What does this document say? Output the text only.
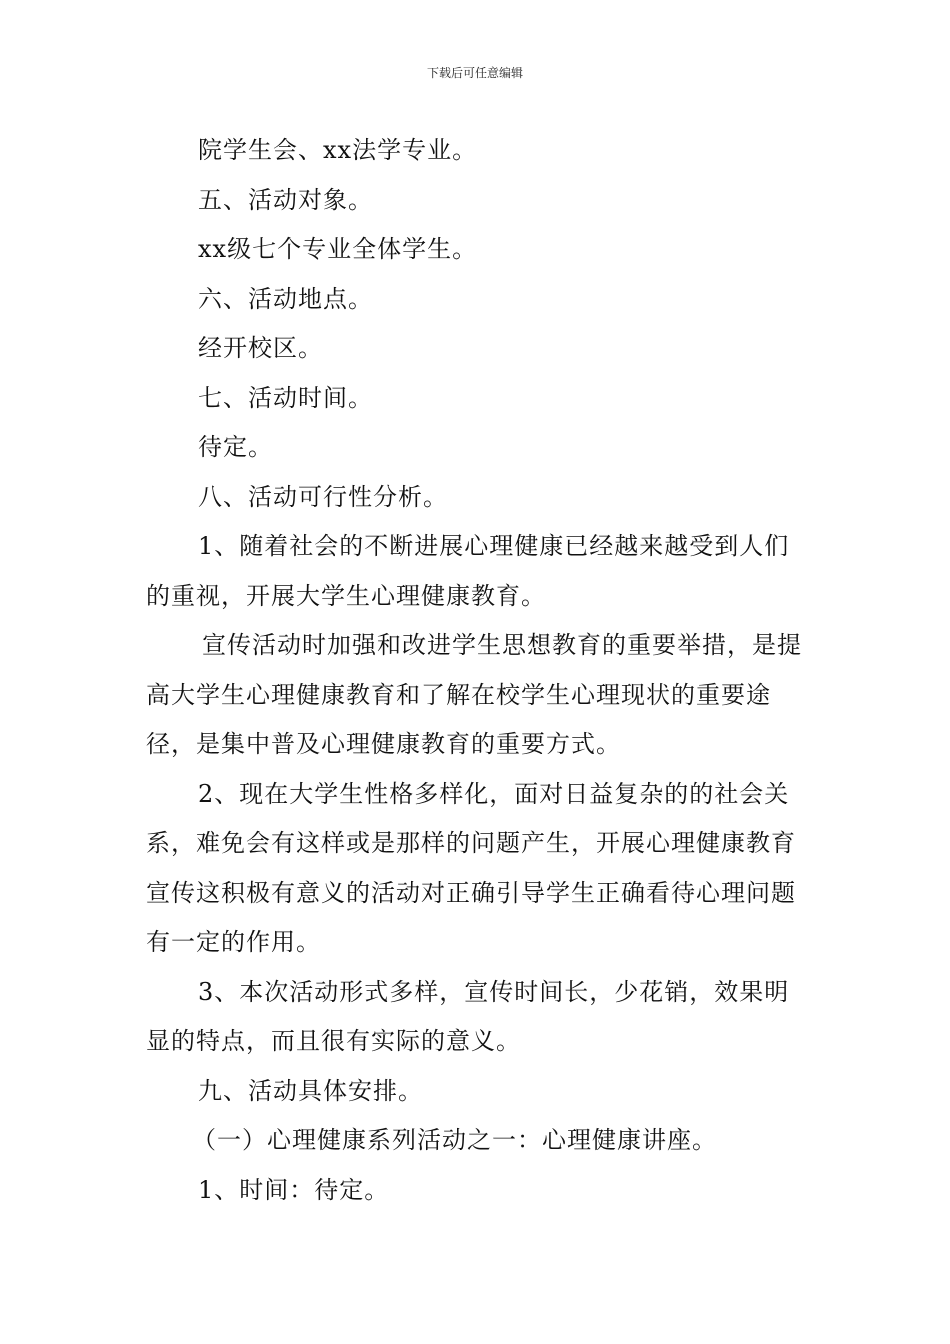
下载后可任意编辑

院学生会、xx法学专业。

五、活动对象。

xx级七个专业全体学生。

六、活动地点。

经开校区。

七、活动时间。

待定。

八、活动可行性分析。

1、随着社会的不断进展心理健康已经越来越受到人们的重视，开展大学生心理健康教育。

宣传活动时加强和改进学生思想教育的重要举措，是提高大学生心理健康教育和了解在校学生心理现状的重要途径，是集中普及心理健康教育的重要方式。

2、现在大学生性格多样化，面对日益复杂的的社会关系，难免会有这样或是那样的问题产生，开展心理健康教育宣传这积极有意义的活动对正确引导学生正确看待心理问题有一定的作用。

3、本次活动形式多样，宣传时间长，少花销，效果明显的特点，而且很有实际的意义。

九、活动具体安排。

（一）心理健康系列活动之一：心理健康讲座。

1、时间：待定。
